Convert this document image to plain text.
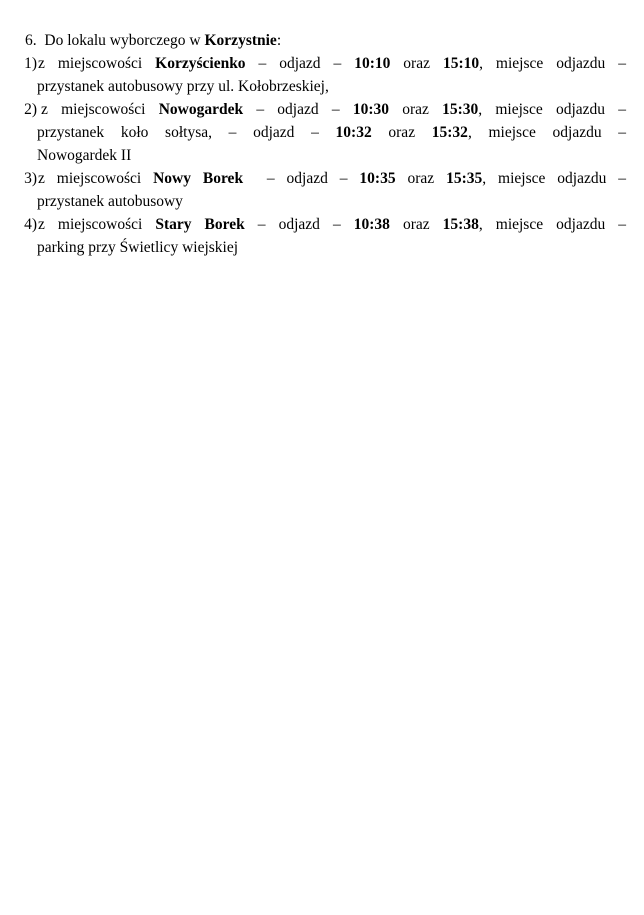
6. Do lokalu wyborczego w Korzystnie:
1) z miejscowości Korzyścienko – odjazd – 10:10 oraz 15:10, miejsce odjazdu –
przystanek autobusowy przy ul. Kołobrzeskiej,
2) z miejscowości Nowogardek – odjazd – 10:30 oraz 15:30, miejsce odjazdu –
przystanek koło sołtysa, – odjazd – 10:32 oraz 15:32, miejsce odjazdu –
Nowogardek II
3) z miejscowości Nowy Borek  – odjazd – 10:35 oraz 15:35, miejsce odjazdu –
przystanek autobusowy
4) z miejscowości Stary Borek – odjazd – 10:38 oraz 15:38, miejsce odjazdu –
parking przy Świetlicy wiejskiej
